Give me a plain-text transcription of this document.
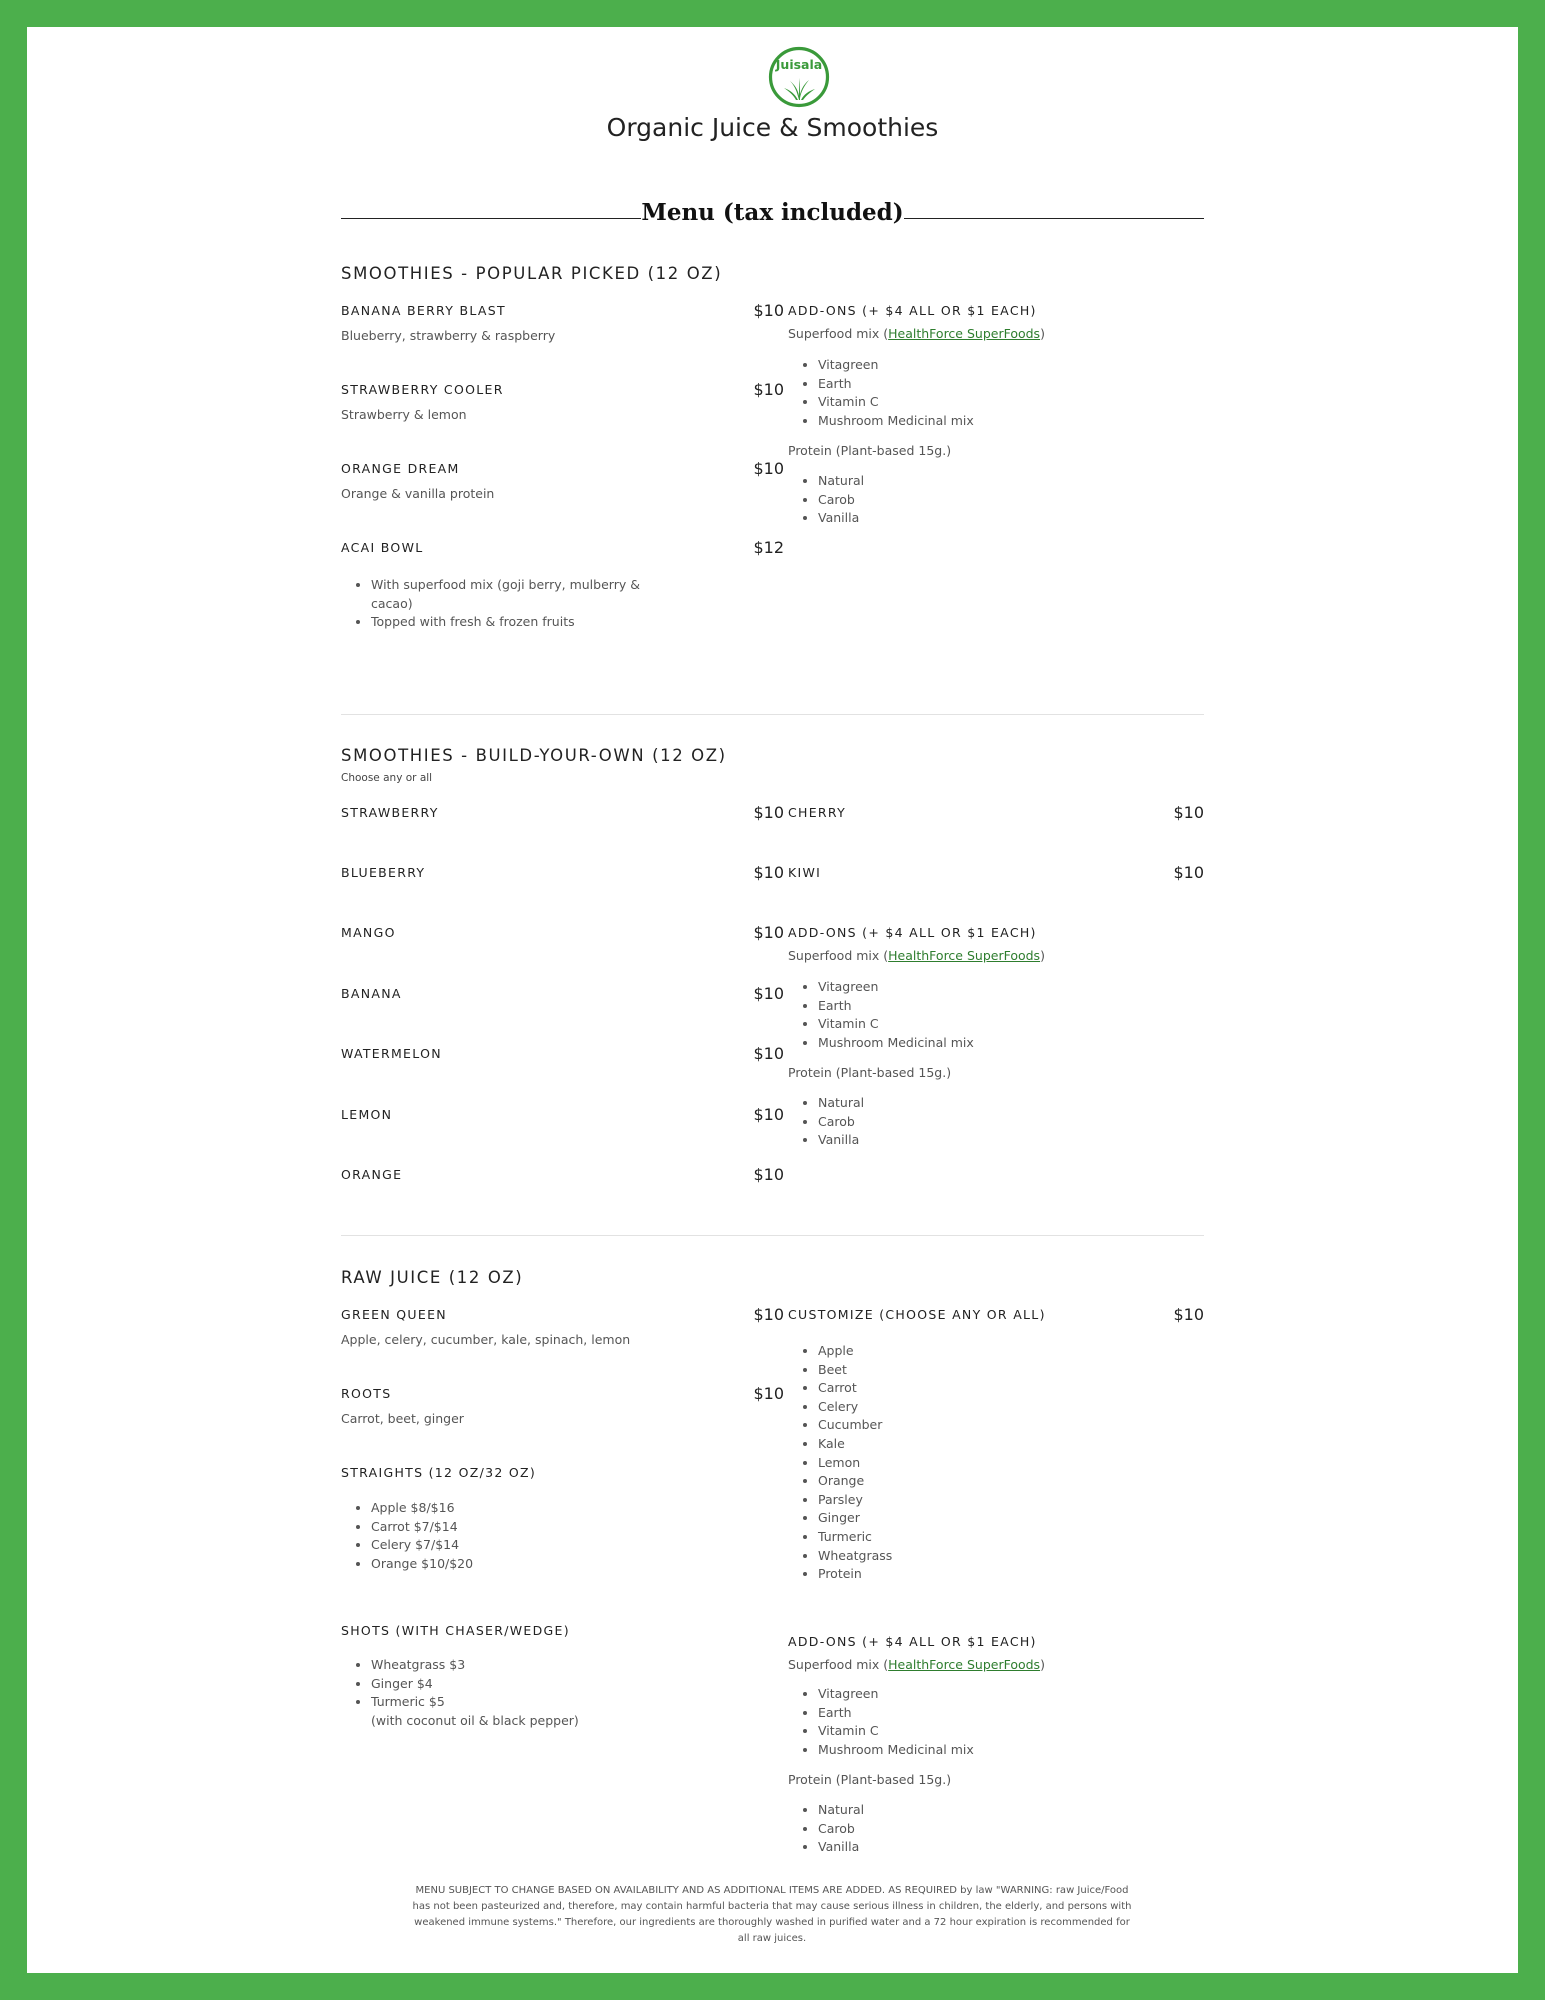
Juisala
Organic Juice & Smoothies
Menu (tax included)
SMOOTHIES - POPULAR PICKED (12 OZ)
BANANA BERRY BLAST	$10
Blueberry, strawberry & raspberry
STRAWBERRY COOLER	$10
Strawberry & lemon
ORANGE DREAM	$10
Orange & vanilla protein
ACAI BOWL	$12
• With superfood mix (goji berry, mulberry &
cacao)
• Topped with fresh & frozen fruits
ADD-ONS (+ $4 ALL OR $1 EACH)
Superfood mix (HealthForce SuperFoods)
• Vitagreen
• Earth
• Vitamin C
• Mushroom Medicinal mix
Protein (Plant-based 15g.)
• Natural
• Carob
• Vanilla
SMOOTHIES - BUILD-YOUR-OWN (12 OZ)
Choose any or all
STRAWBERRY	$10
BLUEBERRY	$10
MANGO	$10
BANANA	$10
WATERMELON	$10
LEMON	$10
ORANGE	$10
CHERRY	$10
KIWI	$10
ADD-ONS (+ $4 ALL OR $1 EACH)
Superfood mix (HealthForce SuperFoods)
• Vitagreen
• Earth
• Vitamin C
• Mushroom Medicinal mix
Protein (Plant-based 15g.)
• Natural
• Carob
• Vanilla
RAW JUICE (12 OZ)
GREEN QUEEN	$10
Apple, celery, cucumber, kale, spinach, lemon
ROOTS	$10
Carrot, beet, ginger
STRAIGHTS (12 OZ/32 OZ)
• Apple $8/$16
• Carrot $7/$14
• Celery $7/$14
• Orange $10/$20
SHOTS (WITH CHASER/WEDGE)
• Wheatgrass $3
• Ginger $4
• Turmeric $5
(with coconut oil & black pepper)
CUSTOMIZE (CHOOSE ANY OR ALL)	$10
• Apple
• Beet
• Carrot
• Celery
• Cucumber
• Kale
• Lemon
• Orange
• Parsley
• Ginger
• Turmeric
• Wheatgrass
• Protein
ADD-ONS (+ $4 ALL OR $1 EACH)
Superfood mix (HealthForce SuperFoods)
• Vitagreen
• Earth
• Vitamin C
• Mushroom Medicinal mix
Protein (Plant-based 15g.)
• Natural
• Carob
• Vanilla
MENU SUBJECT TO CHANGE BASED ON AVAILABILITY AND AS ADDITIONAL ITEMS ARE ADDED. AS REQUIRED by law "WARNING: raw Juice/Food has not been pasteurized and, therefore, may contain harmful bacteria that may cause serious illness in children, the elderly, and persons with weakened immune systems." Therefore, our ingredients are thoroughly washed in purified water and a 72 hour expiration is recommended for all raw juices.
